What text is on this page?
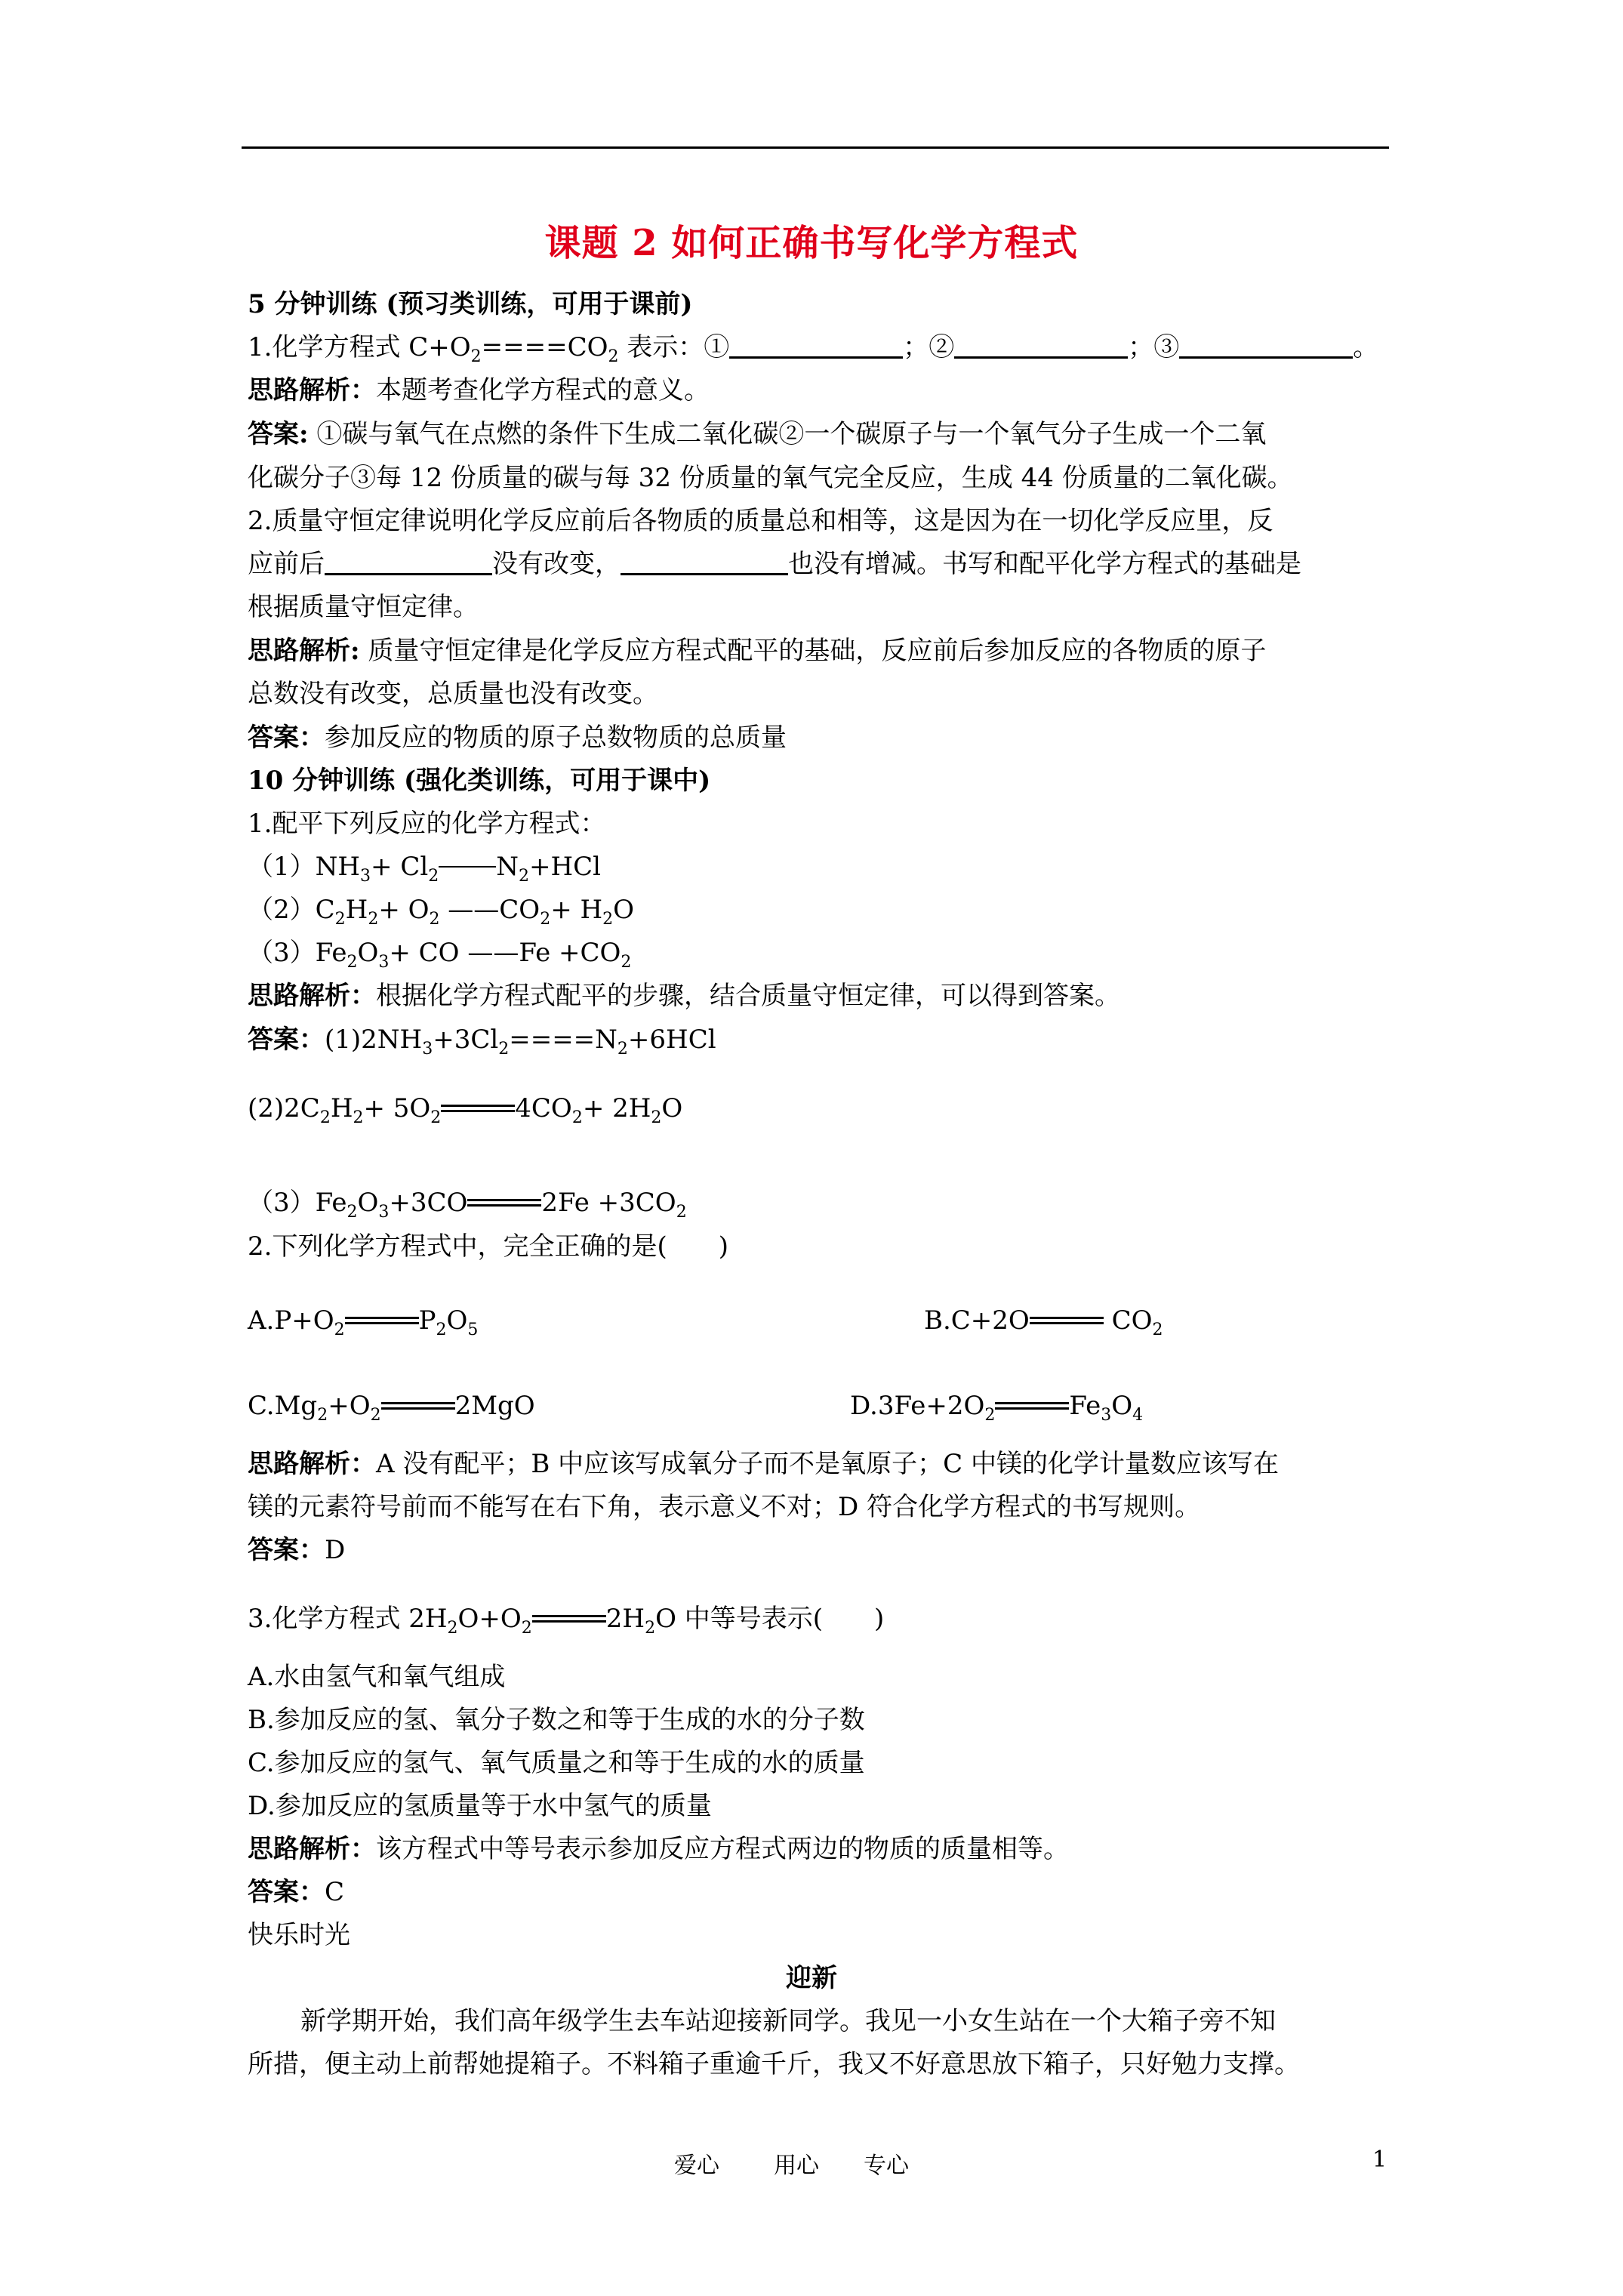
课题 2 如何正确书写化学方程式
5 分钟训练 (预习类训练，可用于课前)
1.化学方程式 $C+O_2====CO_2$ 表示：①	；②	；③	。
思路解析：本题考查化学方程式的意义。
答案: ①碳与氧气在点燃的条件下生成二氧化碳②一个碳原子与一个氧气分子生成一个二氧
化碳分子③每 12 份质量的碳与每 32 份质量的氧气完全反应，生成 44 份质量的二氧化碳。
2.质量守恒定律说明化学反应前后各物质的质量总和相等，这是因为在一切化学反应里，反
应前后	没有改变，	也没有增减。书写和配平化学方程式的基础是
根据质量守恒定律。
思路解析: 质量守恒定律是化学反应方程式配平的基础，反应前后参加反应的各物质的原子
总数没有改变，总质量也没有改变。
答案：参加反应的物质的原子总数物质的总质量
10 分钟训练 (强化类训练，可用于课中)
1.配平下列反应的化学方程式：
$(1)NH_3+ Cl_2$ $N_2+HCl$
$(2)C_2H_2+ O_2$ $——CO_2+ H_2O$
$(3)Fe_2O_3+$ CO ——Fe $+CO_2$
思路解析：根据化学方程式配平的步骤，结合质量守恒定律，可以得到答案。
答案：$(1)2NH_3+3Cl_2====N_2+6HCl$
$(2)2C_2H_2+ 5O_2$	$4CO_2+ 2H_2O$
$(3)Fe_2O_3+3CO$	$2Fe +3CO_2$
2.下列化学方程式中，完全正确的是(　　)
$A.P+O_2$	$P_2O_5$	B.C+2O	$CO_2$
$C.Mg_2+O_2$	2MgO	$D.3Fe+2O_2$	$Fe_3O_4$
思路解析：A 没有配平；B 中应该写成氧分子而不是氧原子；C 中镁的化学计量数应该写在
镁的元素符号前而不能写在右下角，表示意义不对；D 符合化学方程式的书写规则。
答案：D
3.化学方程式 $2H_2O+O_2$	$2H_2O$ 中等号表示(　　)
A.水由氢气和氧气组成
B.参加反应的氢、氧分子数之和等于生成的水的分子数
C.参加反应的氢气、氧气质量之和等于生成的水的质量
D.参加反应的氢质量等于水中氢气的质量
思路解析：该方程式中等号表示参加反应方程式两边的物质的质量相等。
答案：C
快乐时光
迎新
新学期开始，我们高年级学生去车站迎接新同学。我见一小女生站在一个大箱子旁不知
所措，便主动上前帮她提箱子。不料箱子重逾千斤，我又不好意思放下箱子，只好勉力支撑。
爱心 用心 专心	1
